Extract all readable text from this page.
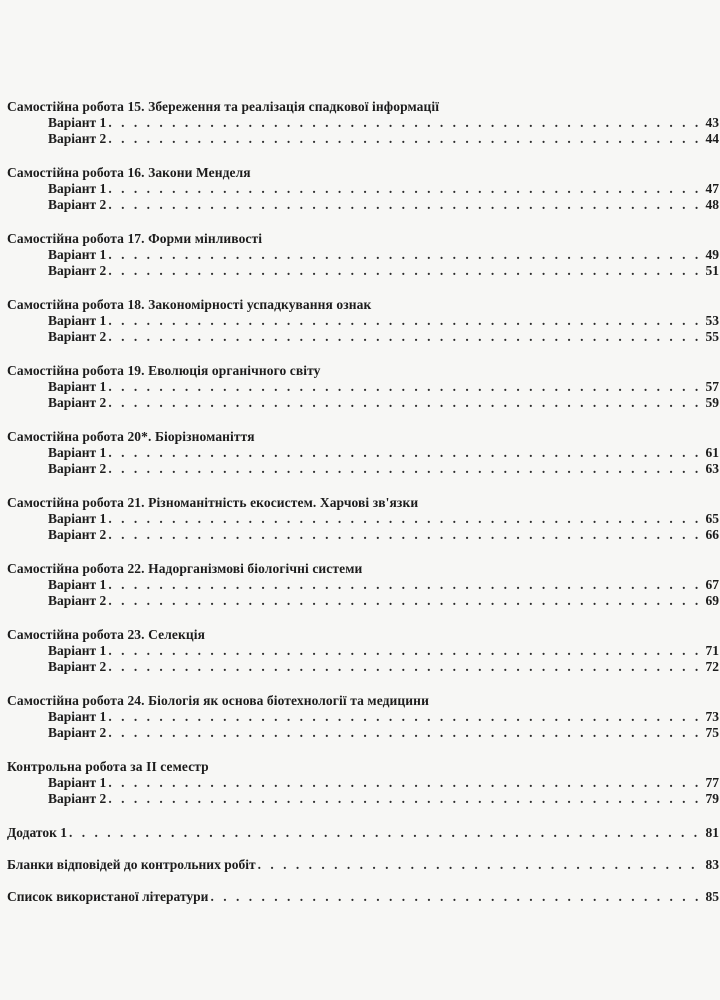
Самостійна робота 15. Збереження та реалізація спадкової інформації
Варіант 1 . . .	43
Варіант 2 . . .	44
Самостійна робота 16. Закони Менделя
Варіант 1 . . .	47
Варіант 2 . . .	48
Самостійна робота 17. Форми мінливості
Варіант 1 . . .	49
Варіант 2 . . .	51
Самостійна робота 18. Закономірності успадкування ознак
Варіант 1 . . .	53
Варіант 2 . . .	55
Самостійна робота 19. Еволюція органічного світу
Варіант 1 . . .	57
Варіант 2 . . .	59
Самостійна робота 20*. Біорізноманіття
Варіант 1 . . .	61
Варіант 2 . . .	63
Самостійна робота 21. Різноманітність екосистем. Харчові зв'язки
Варіант 1 . . .	65
Варіант 2 . . .	66
Самостійна робота 22. Надорганізмові біологічні системи
Варіант 1 . . .	67
Варіант 2 . . .	69
Самостійна робота 23. Селекція
Варіант 1 . . .	71
Варіант 2 . . .	72
Самостійна робота 24. Біологія як основа біотехнології та медицини
Варіант 1 . . .	73
Варіант 2 . . .	75
Контрольна робота за II семестр
Варіант 1 . . .	77
Варіант 2 . . .	79
Додаток 1 . . .	81
Бланки відповідей до контрольних робіт . . .	83
Список використаної літератури . . .	85
